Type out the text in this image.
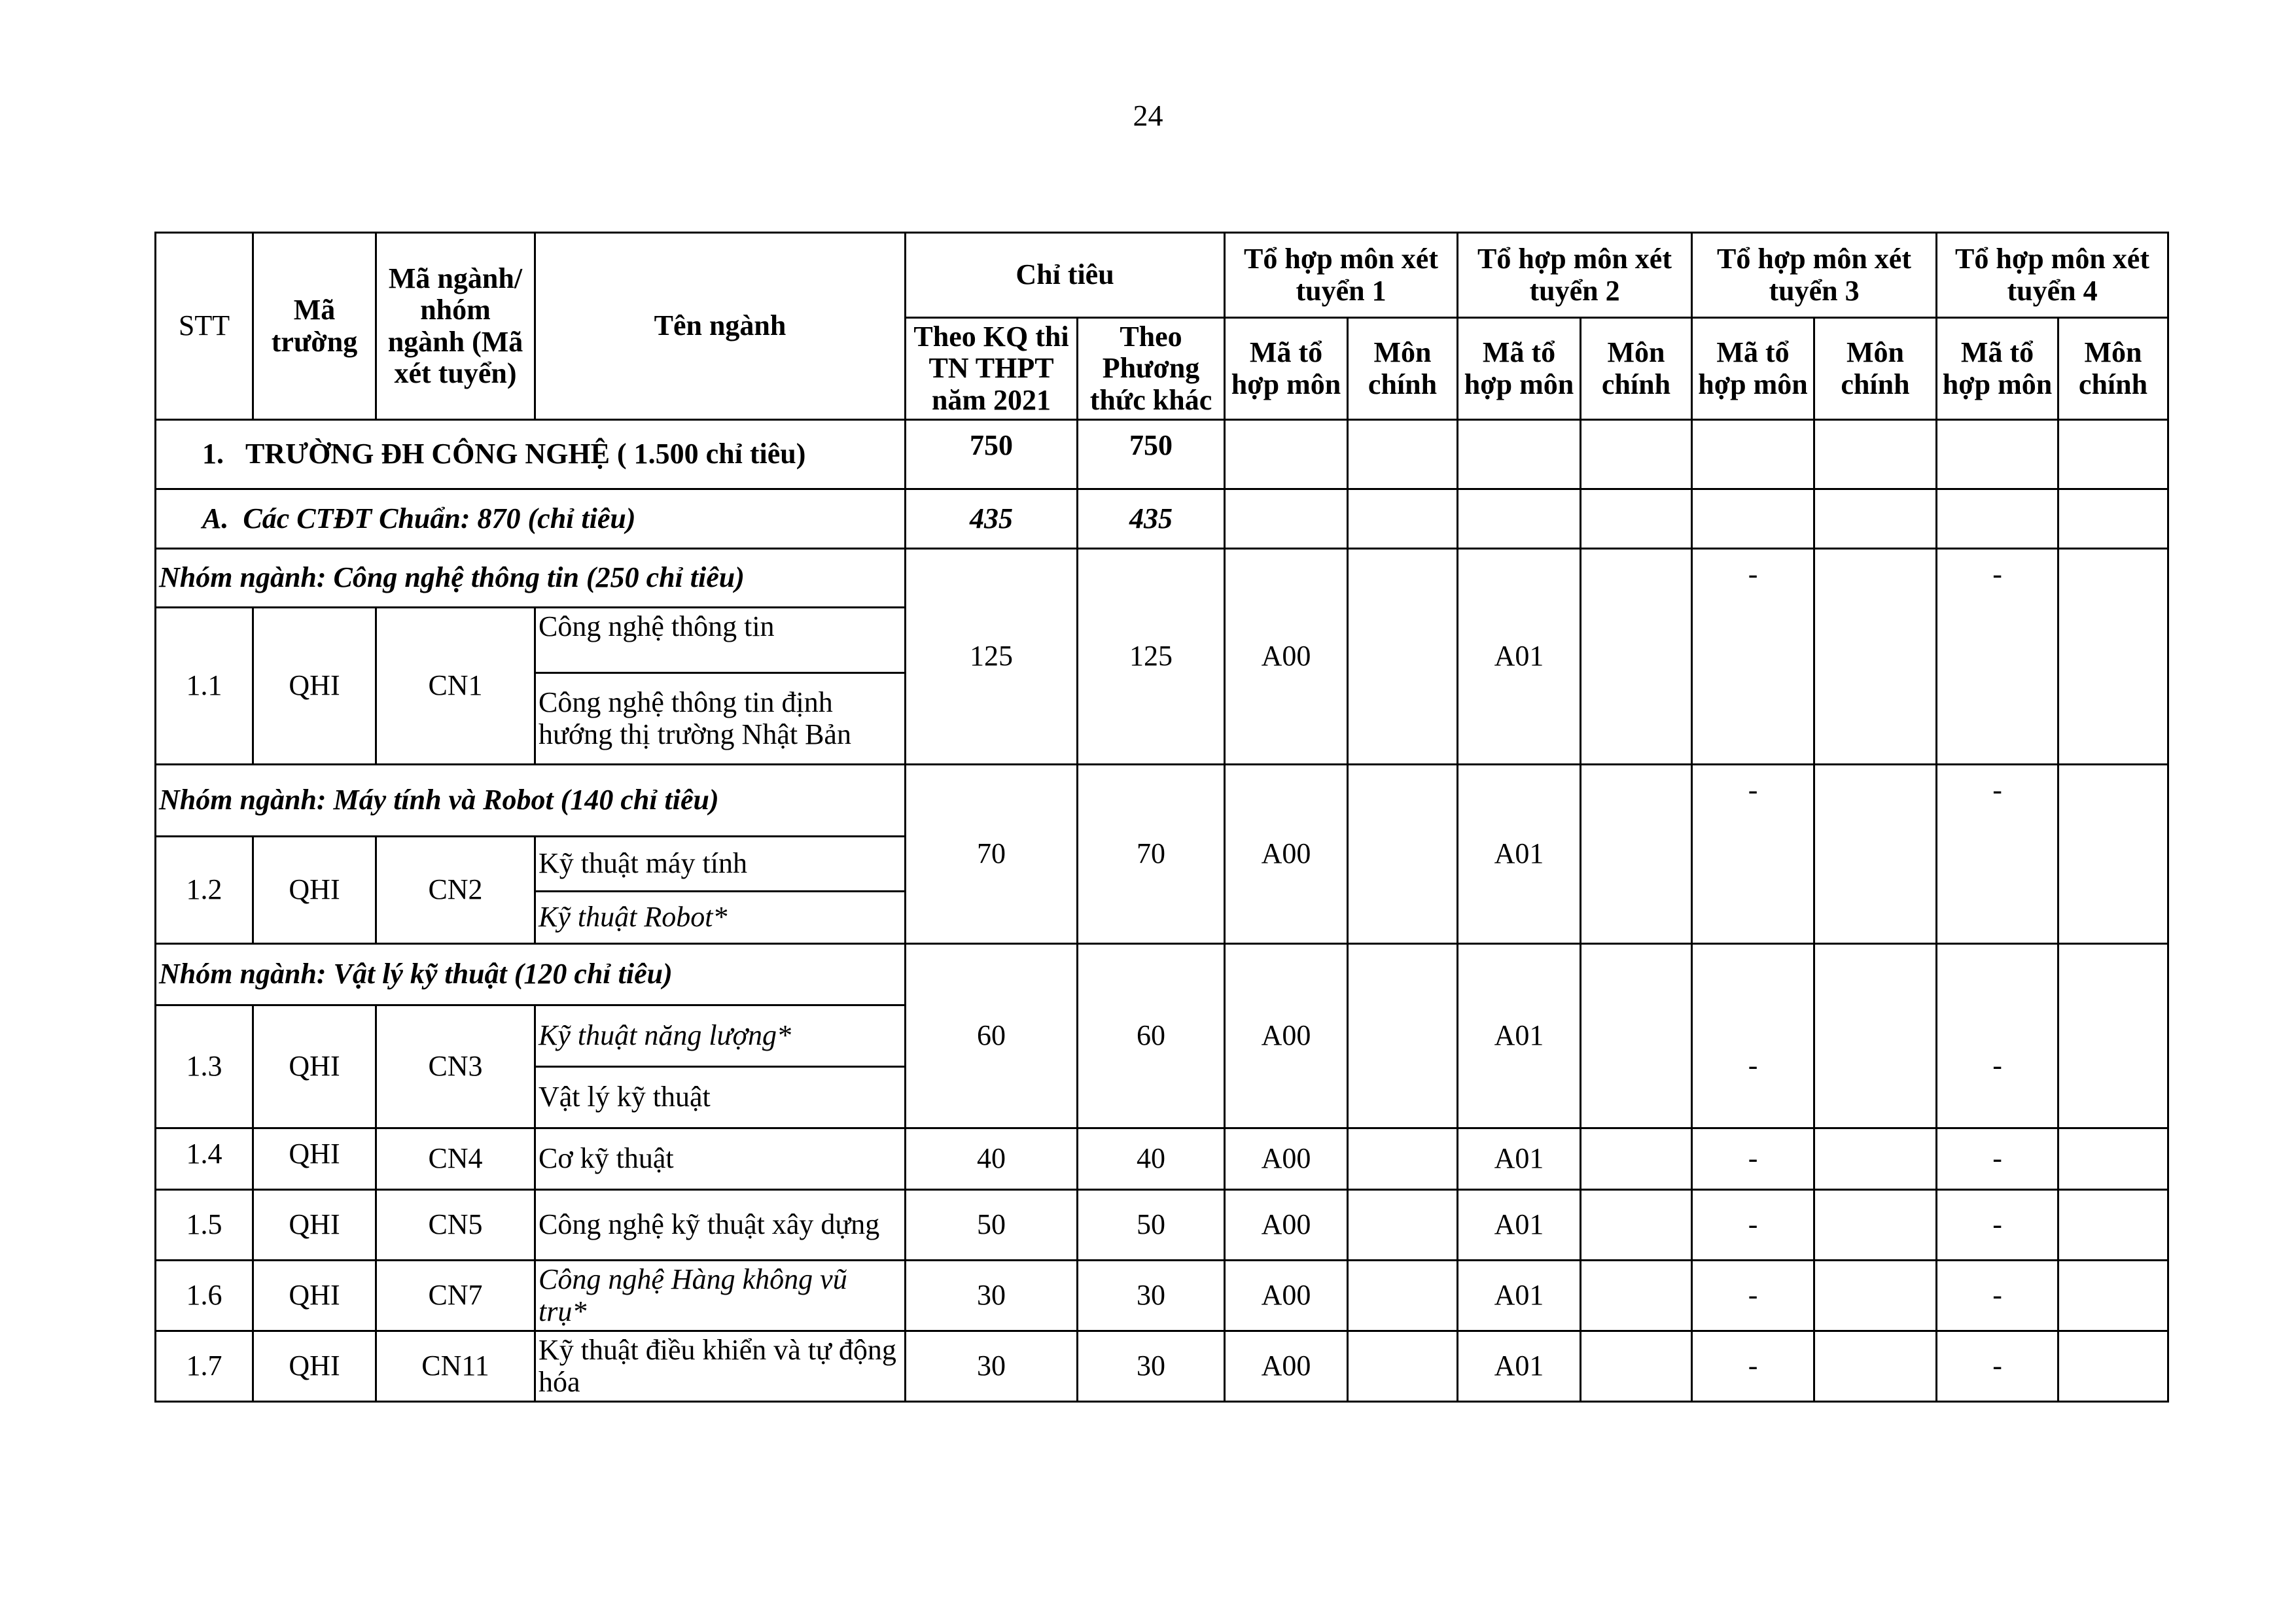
24
STT	Mã trường	Mã ngành/ nhóm ngành (Mã xét tuyển)	Tên ngành	Chỉ tiêu		Tổ hợp môn xét tuyển 1		Tổ hợp môn xét tuyển 2		Tổ hợp môn xét tuyển 3		Tổ hợp môn xét tuyển 4	
				Theo KQ thi TN THPT năm 2021	Theo Phương thức khác	Mã tổ hợp môn	Môn chính	Mã tổ hợp môn	Môn chính	Mã tổ hợp môn	Môn chính	Mã tổ hợp môn	Môn chính
1. TRƯỜNG ĐH CÔNG NGHỆ ( 1.500 chỉ tiêu)				750	750								
A. Các CTĐT Chuẩn: 870 (chỉ tiêu)				435	435								
Nhóm ngành: Công nghệ thông tin (250 chỉ tiêu)				125	125	A00		A01		-		-	
1.1	QHI	CN1	Công nghệ thông tin										

			Công nghệ thông tin định hướng thị trường Nhật Bản										
Nhóm ngành: Máy tính và Robot (140 chỉ tiêu)				70	70	A00		A01		-		-	
1.2	QHI	CN2	Kỹ thuật máy tính										
			Kỹ thuật Robot*										
Nhóm ngành: Vật lý kỹ thuật (120 chỉ tiêu)				60	60	A00		A01		-		-	
1.3	QHI	CN3	Kỹ thuật năng lượng*										
			Vật lý kỹ thuật										
1.4	QHI	CN4	Cơ kỹ thuật	40	40	A00		A01		-		-	
1.5	QHI	CN5	Công nghệ kỹ thuật xây dựng	50	50	A00		A01		-		-	
1.6	QHI	CN7	Công nghệ Hàng không vũ trụ*	30	30	A00		A01		-		-	
1.7	QHI	CN11	Kỹ thuật điều khiển và tự động hóa	30	30	A00		A01		-		-	
